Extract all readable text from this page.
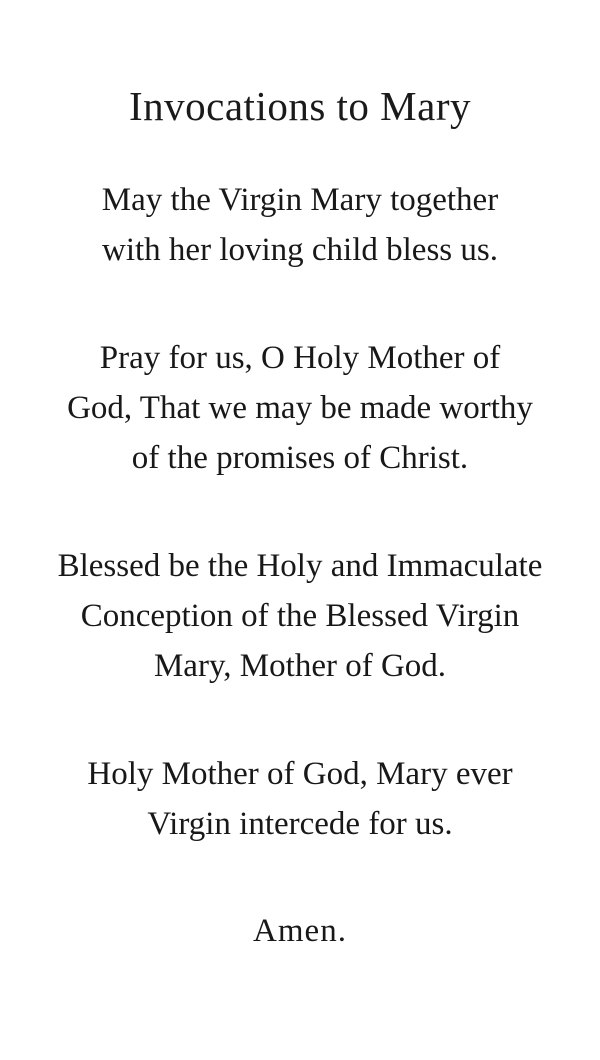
Invocations to Mary
May the Virgin Mary together
with her loving child bless us.
Pray for us, O Holy Mother of
God, That we may be made worthy
of the promises of Christ.
Blessed be the Holy and Immaculate
Conception of the Blessed Virgin
Mary, Mother of God.
Holy Mother of God, Mary ever
Virgin intercede for us.
Amen.
